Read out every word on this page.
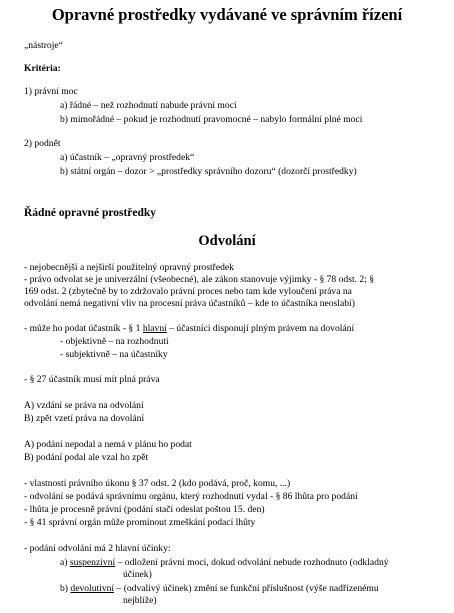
Opravné prostředky vydávané ve správním řízení
„nástroje“
Kritéria:
1) právní moc
a) řádné – než rozhodnutí nabude právní moci
b) mimořádné – pokud je rozhodnutí pravomocné – nabylo formální plné moci
2) podnět
a) účastník – „opravný prostředek“
b) státní orgán – dozor > „prostředky správního dozoru“ (dozorčí prostředky)
Řádné opravné prostředky
Odvolání
- nejobecnější a nejširší použitelný opravný prostředek
- právo odvolat se je univerzální (všeobecné), ale zákon stanovuje výjimky - § 78 odst. 2; §
169 odst. 2 (zbytečně by to zdržovalo právní proces nebo tam kde vyloučení práva na
odvolání nemá negativní vliv na procesní práva účastníků – kde to účastníka neoslabí)
- může ho podat účastník - § 1 hlavní – účastníci disponují plným právem na dovolání
- objektivně – na rozhodnutí
- subjektivně – na účastníky
- § 27 účastník musí mít plná práva
A) vzdání se práva na odvolání
B) zpět vzetí práva na dovolání
A) podání nepodal a nemá v plánu ho podat
B) podání podal ale vzal ho zpět
- vlastnosti právního úkonu § 37 odst. 2 (kdo podává, proč, komu, ...)
- odvolání se podává správnímu orgánu, který rozhodnutí vydal - § 86 lhůta pro podání
- lhůta je procesně právní (podání stačí odeslat poštou 15. den)
- § 41 správní orgán může prominout zmeškání podací lhůty
- podání odvolání má 2 hlavní účinky:
a) suspenzivní – odložení právní moci, dokud odvolání nebude rozhodnuto (odkladný
účinek)
b) devolutivní – (odvalivý účinek) změní se funkční příslušnost (výše nadřízenému
nejblíže)
